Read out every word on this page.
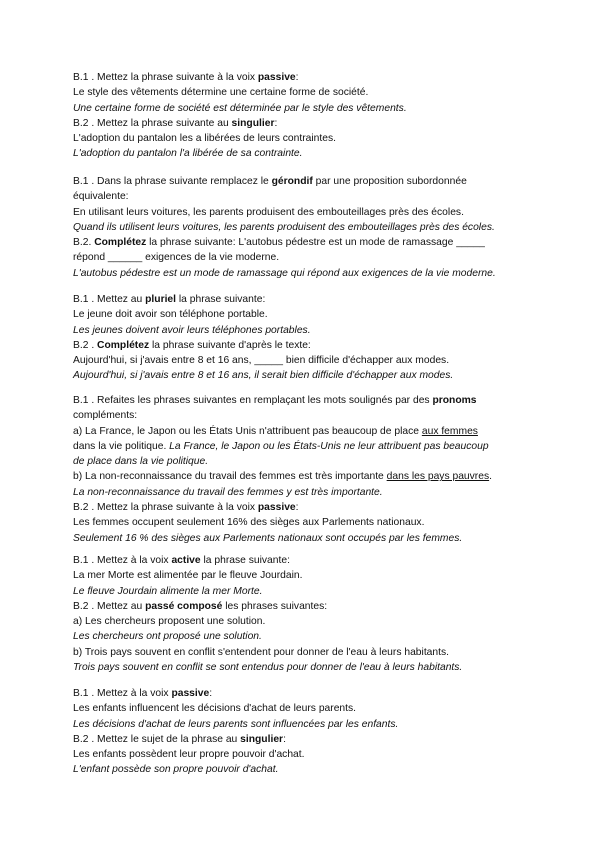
B.1 . Mettez la phrase suivante à la voix passive:
Le style des vêtements détermine une certaine forme de société.
Une certaine forme de société est déterminée par le style des vêtements.
B.2 . Mettez la phrase suivante au singulier:
L'adoption du pantalon les a libérées de leurs contraintes.
L'adoption du pantalon l'a libérée de sa contrainte.
B.1 . Dans la phrase suivante remplacez le gérondif par une proposition subordonnée
équivalente:
En utilisant leurs voitures, les parents produisent des embouteillages près des écoles.
Quand ils utilisent leurs voitures, les parents produisent des embouteillages près des écoles.
B.2. Complétez la phrase suivante: L'autobus pédestre est un mode de ramassage _____
répond ______ exigences de la vie moderne.
L'autobus pédestre est un mode de ramassage qui répond aux exigences de la vie moderne.
B.1 . Mettez au pluriel la phrase suivante:
Le jeune doit avoir son téléphone portable.
Les jeunes doivent avoir leurs téléphones portables.
B.2 . Complétez la phrase suivante d'après le texte:
Aujourd'hui, si j'avais entre 8 et 16 ans, _____ bien difficile d'échapper aux modes.
Aujourd'hui, si j'avais entre 8 et 16 ans, il serait bien difficile d'échapper aux modes.
B.1 . Refaites les phrases suivantes en remplaçant les mots soulignés par des pronoms
compléments:
a) La France, le Japon ou les États Unis n'attribuent pas beaucoup de place aux femmes
dans la vie politique. La France, le Japon ou les États-Unis ne leur attribuent pas beaucoup
de place dans la vie politique.
b) La non-reconnaissance du travail des femmes est très importante dans les pays pauvres.
La non-reconnaissance du travail des femmes y est très importante.
B.2 . Mettez la phrase suivante à la voix passive:
Les femmes occupent seulement 16% des sièges aux Parlements nationaux.
Seulement 16 % des sièges aux Parlements nationaux sont occupés par les femmes.
B.1 . Mettez à la voix active la phrase suivante:
La mer Morte est alimentée par le fleuve Jourdain.
Le fleuve Jourdain alimente la mer Morte.
B.2 . Mettez au passé composé les phrases suivantes:
a) Les chercheurs proposent une solution.
Les chercheurs ont proposé une solution.
b) Trois pays souvent en conflit s'entendent pour donner de l'eau à leurs habitants.
Trois pays souvent en conflit se sont entendus pour donner de l'eau à leurs habitants.
B.1 . Mettez à la voix passive:
Les enfants influencent les décisions d'achat de leurs parents.
Les décisions d'achat de leurs parents sont influencées par les enfants.
B.2 . Mettez le sujet de la phrase au singulier:
Les enfants possèdent leur propre pouvoir d'achat.
L'enfant possède son propre pouvoir d'achat.
